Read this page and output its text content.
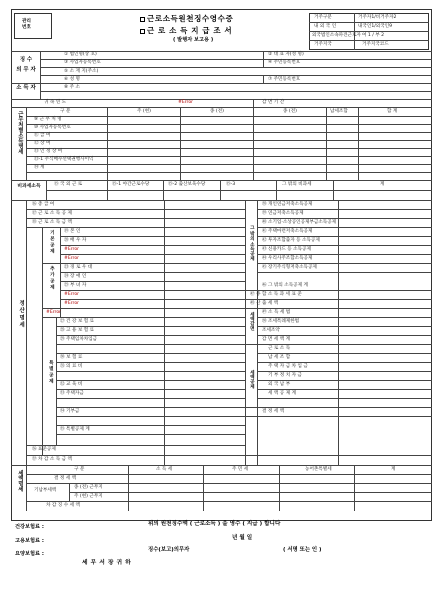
관리
번호
근로소득원천징수영수증
근 로 소 득 지 급 조 서
( 발행자 보고용 )
거주구분	거주자1/비거주자2
내 외 국 인	내국인1/외국인9
외국법인소속파견근로자 여 1 / 부 2
거주지국	거주지국코드
징 수
의 무 자
① 법인명(상 호)	② 대 표 자(성 명)
③ 사업자등록번호	④ 주민등록번호
⑤ 소 재 지(주소)
소 득 자
⑥ 성 명	⑦ 주민등록번호
⑧ 주 소
귀 속 연 도	#Error	감 면 기 간
근무처별소득명세	구 분	주 (현)	종 (전)	종 (전)	납세조합	합 계
⑨ 근 무 처 명
⑩ 사업자등록번호
⑪ 급 여
⑫ 상 여
⑬ 인 정 상 여
⑬-1 주식매수선택권행사이익
⑭ 계
비과세소득	⑮ 국 외 근 로	⑮-1 야간근로수당	⑮-2 출산보육수당	⑮-3	그 밖의 비과세	계
정 산 명 세
⑯ 총 급 여
⑰ 근 로 소 득 공 제
⑱ 근 로 소 득 금 액
기 본 공 제	⑲ 본 인
⑳ 배 우 자
#Error
#Error
추 가 공 제	㉓ 경 로 우 대
㉔ 장 애 인
㉕ 부 녀 자
#Error
#Error
#Error
특 별 공 제
㉗ 건 강 보 험 료
㉘ 고 용 보 험 료
㉙ 주택임차차입금
㉚ 보 험 료
㉛ 의 료 비
㉜ 교 육 비
㉝ 주택자금
㉞ 기부금
㉟ 특별공제 계
㊱ 표준공제
㊲ 차 감 소 득 금 액
그 밖의 소득공제
㊳ 개인연금저축소득공제
㊴ 연금저축소득공제
㊵ 소기업·소상공인공제부금소득공제
㊶ 주택마련저축소득공제
㊷ 투자조합출자 등 소득공제
㊸ 신용카드 등 소득공제
㊹ 우리사주조합소득공제
㊺ 장기주식형저축소득공제
㊻ 그 밖의 소득공제 계
㊼ 종 합 소 득 과 세 표 준
㊽ 산 출 세 액
세액감면	㊾ 소 득 세 법
㊿ 조세특례제한법
조세조약
감 면 세 액 계
세액공제
근 로 소 득
납 세 조 합
주 택 자 금 차 입 금
기 부 정 치 자 금
외 국 납 부
세 액 공 제 계
결 정 세 액
세액명세
구 분	소 득 세	주 민 세	농어촌특별세	계
결 정 세 액
기납부세액
종 (전) 근무지
주 (현) 근무지
차 감 징 수 세 액
건강보험료 :	위의 원천징수액 ( 근로소득 ) 을 영수 ( 지급 ) 합니다
고용보험료 :	년 월 일
요양보험료 :
징수(보고)의무자	( 서명 또는 인 )
세 무 서 장 귀 하
